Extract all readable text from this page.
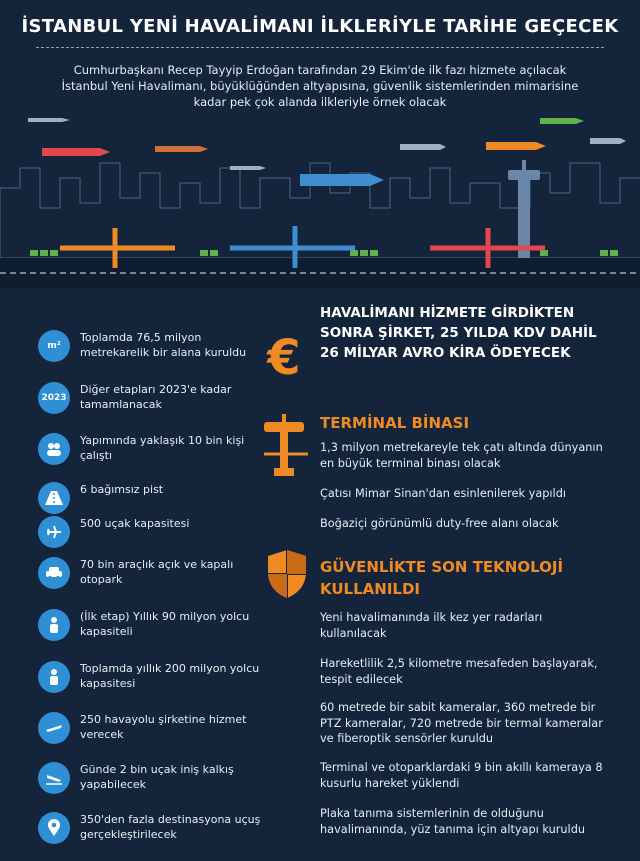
İSTANBUL YENİ HAVALİMANI İLKLERİYLE TARİHE GEÇECEK
Cumhurbaşkanı Recep Tayyip Erdoğan tarafından 29 Ekim'de ilk fazı hizmete açılacak İstanbul Yeni Havalimanı, büyüklüğünden altyapısına, güvenlik sistemlerinden mimarisine kadar pek çok alanda ilkleriyle örnek olacak
m²
Toplamda 76,5 milyon metrekarelik bir alana kuruldu
2023
Diğer etapları 2023'e kadar tamamlanacak
Yapımında yaklaşık 10 bin kişi çalıştı
6 bağımsız pist
500 uçak kapasitesi
70 bin araçlık açık ve kapalı otopark
(İlk etap) Yıllık 90 milyon yolcu kapasiteli
Toplamda yıllık 200 milyon yolcu kapasitesi
250 havayolu şirketine hizmet verecek
Günde 2 bin uçak iniş kalkış yapabilecek
350'den fazla destinasyona uçuş gerçekleştirilecek
€
HAVALİMANI HİZMETE GİRDİKTEN SONRA ŞİRKET, 25 YILDA KDV DAHİL 26 MİLYAR AVRO KİRA ÖDEYECEK
TERMİNAL BİNASI
1,3 milyon metrekareyle tek çatı altında dünyanın en büyük terminal binası olacak
Çatısı Mimar Sinan'dan esinlenilerek yapıldı
Boğaziçi görünümlü duty-free alanı olacak
GÜVENLİKTE SON TEKNOLOJİ KULLANILDI
Yeni havalimanında ilk kez yer radarları kullanılacak
Hareketlilik 2,5 kilometre mesafeden başlayarak, tespit edilecek
60 metrede bir sabit kameralar, 360 metrede bir PTZ kameralar, 720 metrede bir termal kameralar ve fiberoptik sensörler kuruldu
Terminal ve otoparklardaki 9 bin akıllı kameraya 8 kusurlu hareket yüklendi
Plaka tanıma sistemlerinin de olduğunu havalimanında, yüz tanıma için altyapı kuruldu
